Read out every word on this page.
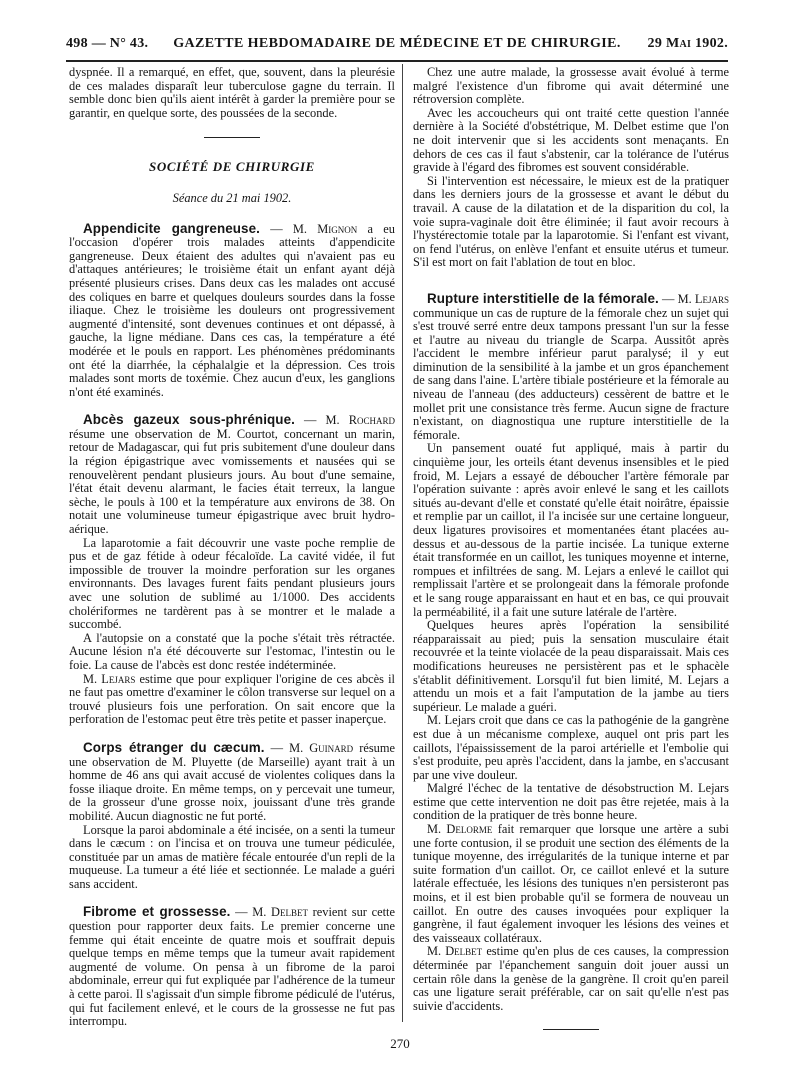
498 — N° 43.	GAZETTE HEBDOMADAIRE DE MÉDECINE ET DE CHIRURGIE.	29 Mai 1902.

dyspnée. Il a remarqué, en effet, que, souvent, dans la pleurésie de ces malades disparaît leur tuberculose gagne du terrain. Il semble donc bien qu'ils aient intérêt à garder la première pour se garantir, en quelque sorte, des poussées de la seconde.

SOCIÉTÉ DE CHIRURGIE
Séance du 21 mai 1902.

Appendicite gangreneuse. — M. Mignon a eu l'occasion d'opérer trois malades atteints d'appendicite gangreneuse. Deux étaient des adultes qui n'avaient pas eu d'attaques antérieures; le troisième était un enfant ayant déjà présenté plusieurs crises. Dans deux cas les malades ont accusé des coliques en barre et quelques douleurs sourdes dans la fosse iliaque. Chez le troisième les douleurs ont progressivement augmenté d'intensité, sont devenues continues et ont dépassé, à gauche, la ligne médiane. Dans ces cas, la température a été modérée et le pouls en rapport. Les phénomènes prédominants ont été la diarrhée, la céphalalgie et la dépression. Ces trois malades sont morts de toxémie. Chez aucun d'eux, les ganglions n'ont été examinés.

Abcès gazeux sous-phrénique. — M. Rochard résume une observation de M. Courtot, concernant un marin, retour de Madagascar, qui fut pris subitement d'une douleur dans la région épigastrique avec vomissements et nausées qui se renouvelèrent pendant plusieurs jours. Au bout d'une semaine, l'état était devenu alarmant, le facies était terreux, la langue sèche, le pouls à 100 et la température aux environs de 38. On notait une volumineuse tumeur épigastrique avec bruit hydro-aérique.

La laparotomie a fait découvrir une vaste poche remplie de pus et de gaz fétide à odeur fécaloïde. La cavité vidée, il fut impossible de trouver la moindre perforation sur les organes environnants. Des lavages furent faits pendant plusieurs jours avec une solution de sublimé au 1/1000. Des accidents cholériformes ne tardèrent pas à se montrer et le malade a succombé.

A l'autopsie on a constaté que la poche s'était très rétractée. Aucune lésion n'a été découverte sur l'estomac, l'intestin ou le foie. La cause de l'abcès est donc restée indéterminée.

M. Lejars estime que pour expliquer l'origine de ces abcès il ne faut pas omettre d'examiner le côlon transverse sur lequel on a trouvé plusieurs fois une perforation. On sait encore que la perforation de l'estomac peut être très petite et passer inaperçue.

Corps étranger du cæcum. — M. Guinard résume une observation de M. Pluyette (de Marseille) ayant trait à un homme de 46 ans qui avait accusé de violentes coliques dans la fosse iliaque droite. En même temps, on y percevait une tumeur, de la grosseur d'une grosse noix, jouissant d'une très grande mobilité. Aucun diagnostic ne fut porté.

Lorsque la paroi abdominale a été incisée, on a senti la tumeur dans le cæcum : on l'incisa et on trouva une tumeur pédiculée, constituée par un amas de matière fécale entourée d'un repli de la muqueuse. La tumeur a été liée et sectionnée. Le malade a guéri sans accident.

Fibrome et grossesse. — M. Delbet revient sur cette question pour rapporter deux faits. Le premier concerne une femme qui était enceinte de quatre mois et souffrait depuis quelque temps en même temps que la tumeur avait rapidement augmenté de volume. On pensa à un fibrome de la paroi abdominale, erreur qui fut expliquée par l'adhérence de la tumeur à cette paroi. Il s'agissait d'un simple fibrome pédiculé de l'utérus, qui fut facilement enlevé, et le cours de la grossesse ne fut pas interrompu.

Chez une autre malade, la grossesse avait évolué à terme malgré l'existence d'un fibrome qui avait déterminé une rétroversion complète.

Avec les accoucheurs qui ont traité cette question l'année dernière à la Société d'obstétrique, M. Delbet estime que l'on ne doit intervenir que si les accidents sont menaçants. En dehors de ces cas il faut s'abstenir, car la tolérance de l'utérus gravide à l'égard des fibromes est souvent considérable.

Si l'intervention est nécessaire, le mieux est de la pratiquer dans les derniers jours de la grossesse et avant le début du travail. A cause de la dilatation et de la disparition du col, la voie supra-vaginale doit être éliminée; il faut avoir recours à l'hystérectomie totale par la laparotomie. Si l'enfant est vivant, on fend l'utérus, on enlève l'enfant et ensuite utérus et tumeur. S'il est mort on fait l'ablation de tout en bloc.

Rupture interstitielle de la fémorale. — M. Lejars communique un cas de rupture de la fémorale chez un sujet qui s'est trouvé serré entre deux tampons pressant l'un sur la fesse et l'autre au niveau du triangle de Scarpa. Aussitôt après l'accident le membre inférieur parut paralysé; il y eut diminution de la sensibilité à la jambe et un gros épanchement de sang dans l'aine. L'artère tibiale postérieure et la fémorale au niveau de l'anneau (des adducteurs) cessèrent de battre et le mollet prit une consistance très ferme. Aucun signe de fracture n'existant, on diagnostiqua une rupture interstitielle de la fémorale.

Un pansement ouaté fut appliqué, mais à partir du cinquième jour, les orteils étant devenus insensibles et le pied froid, M. Lejars a essayé de déboucher l'artère fémorale par l'opération suivante : après avoir enlevé le sang et les caillots situés au-devant d'elle et constaté qu'elle était noirâtre, épaissie et remplie par un caillot, il l'a incisée sur une certaine longueur, deux ligatures provisoires et momentanées étant placées au-dessus et au-dessous de la partie incisée. La tunique externe était transformée en un caillot, les tuniques moyenne et interne, rompues et infiltrées de sang. M. Lejars a enlevé le caillot qui remplissait l'artère et se prolongeait dans la fémorale profonde et le sang rouge apparaissant en haut et en bas, ce qui prouvait la perméabilité, il a fait une suture latérale de l'artère.

Quelques heures après l'opération la sensibilité réapparaissait au pied; puis la sensation musculaire était recouvrée et la teinte violacée de la peau disparaissait. Mais ces modifications heureuses ne persistèrent pas et le sphacèle s'établit définitivement. Lorsqu'il fut bien limité, M. Lejars a attendu un mois et a fait l'amputation de la jambe au tiers supérieur. Le malade a guéri.

M. Lejars croit que dans ce cas la pathogénie de la gangrène est due à un mécanisme complexe, auquel ont pris part les caillots, l'épaississement de la paroi artérielle et l'embolie qui s'est produite, peu après l'accident, dans la jambe, en s'accusant par une vive douleur.

Malgré l'échec de la tentative de désobstruction M. Lejars estime que cette intervention ne doit pas être rejetée, mais à la condition de la pratiquer de très bonne heure.

M. Delorme fait remarquer que lorsque une artère a subi une forte contusion, il se produit une section des éléments de la tunique moyenne, des irrégularités de la tunique interne et par suite formation d'un caillot. Or, ce caillot enlevé et la suture latérale effectuée, les lésions des tuniques n'en persisteront pas moins, et il est bien probable qu'il se formera de nouveau un caillot. En outre des causes invoquées pour expliquer la gangrène, il faut également invoquer les lésions des veines et des vaisseaux collatéraux.

M. Delbet estime qu'en plus de ces causes, la compression déterminée par l'épanchement sanguin doit jouer aussi un certain rôle dans la genèse de la gangrène. Il croit qu'en pareil cas une ligature serait préférable, car on sait qu'elle n'est pas suivie d'accidents.

270
